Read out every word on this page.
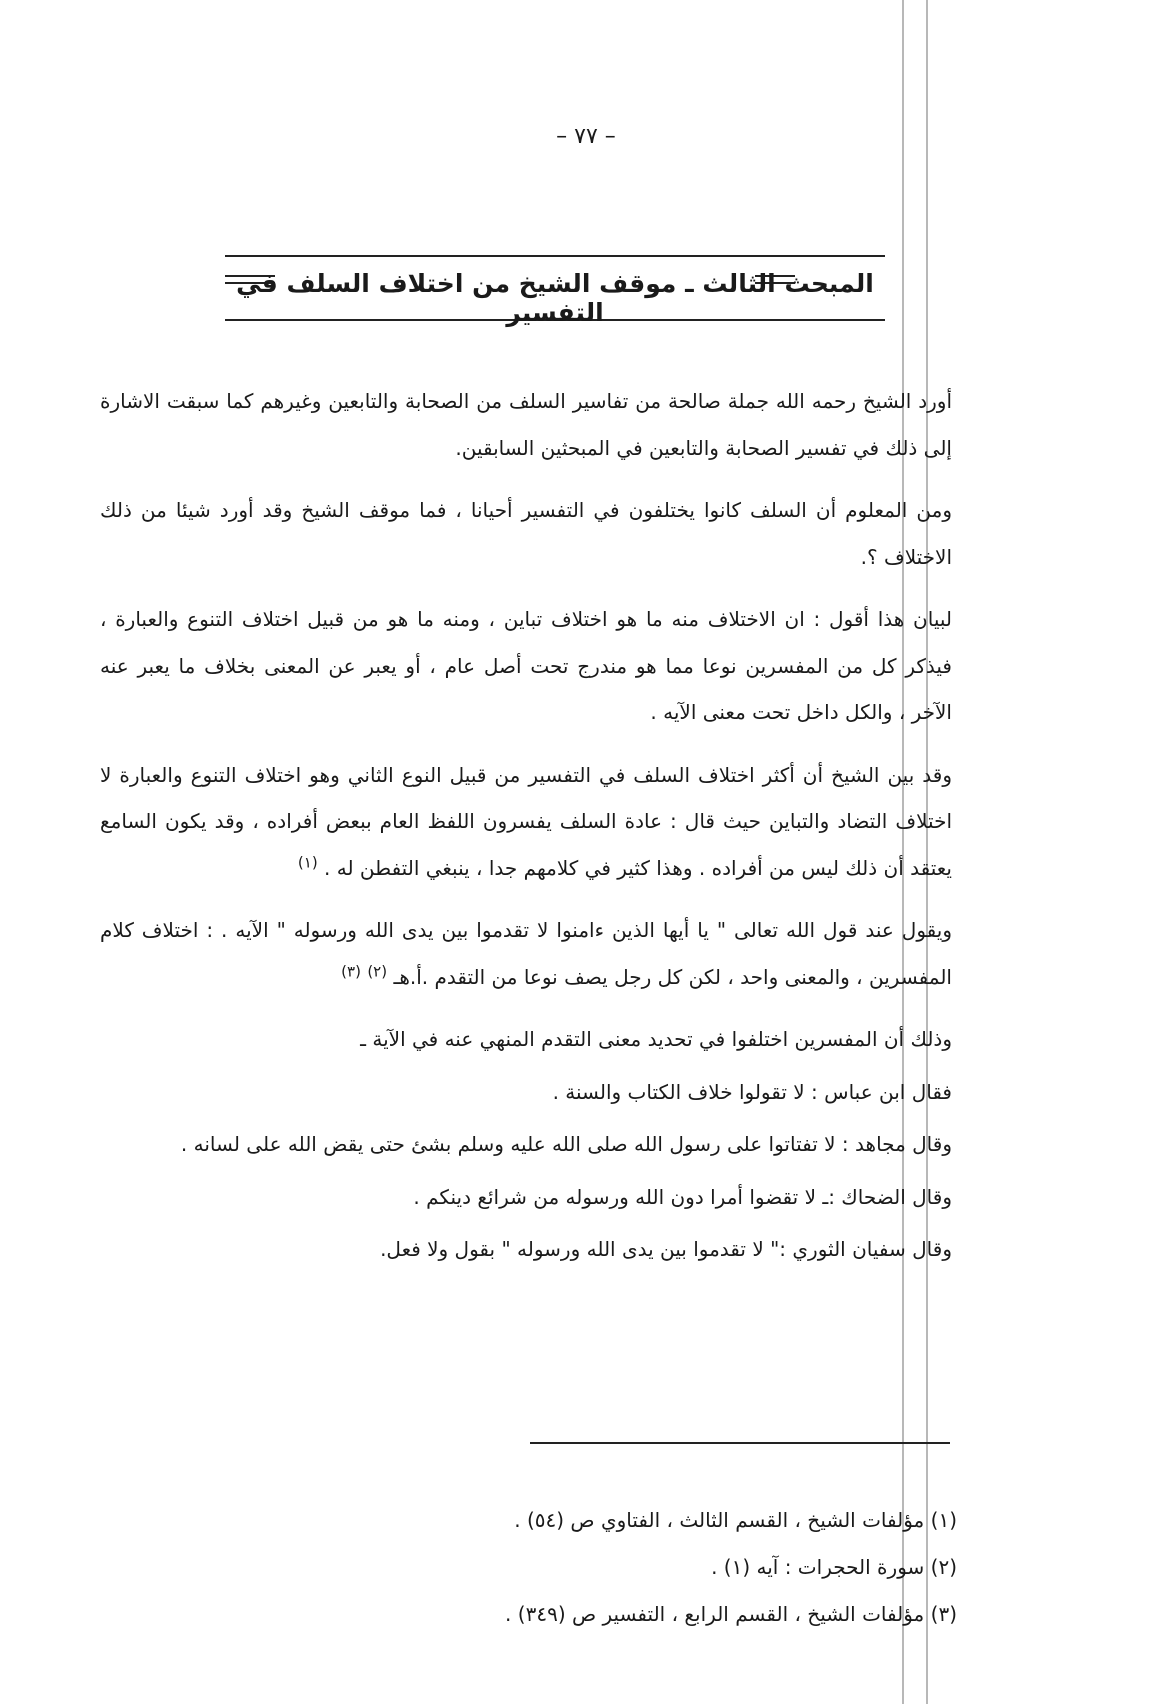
– ٧٧ –
المبحث الثالث ـ موقف الشيخ من اختلاف السلف في التفسير

أورد الشيخ رحمه الله جملة صالحة من تفاسير السلف من الصحابة والتابعين وغيرهم كما سبقت الاشارة إلى ذلك في تفسير الصحابة والتابعين في المبحثين السابقين.

ومن المعلوم أن السلف كانوا يختلفون في التفسير أحيانا ، فما موقف الشيخ وقد أورد شيئا من ذلك الاختلاف ؟.

لبيان هذا أقول : ان الاختلاف منه ما هو اختلاف تباين ، ومنه ما هو من قبيل اختلاف التنوع والعبارة ، فيذكر كل من المفسرين نوعا مما هو مندرج تحت أصل عام ، أو يعبر عن المعنى بخلاف ما يعبر عنه الآخر ، والكل داخل تحت معنى الآيه .

وقد بين الشيخ أن أكثر اختلاف السلف في التفسير من قبيل النوع الثاني وهو اختلاف التنوع والعبارة لا اختلاف التضاد والتباين حيث قال : عادة السلف يفسرون اللفظ العام ببعض أفراده ، وقد يكون السامع يعتقد أن ذلك ليس من أفراده . وهذا كثير في كلامهم جدا ، ينبغي التفطن له . $^{(١)}$

ويقول عند قول الله تعالى " يا أيها الذين ءامنوا لا تقدموا بين يدى الله ورسوله " الآيه . : اختلاف كلام المفسرين ، والمعنى واحد ، لكن كل رجل يصف نوعا من التقدم .أ.هـ $^{(٢)}$ $^{(٣)}$

وذلك أن المفسرين اختلفوا في تحديد معنى التقدم المنهي عنه في الآية ـ

فقال ابن عباس : لا تقولوا خلاف الكتاب والسنة .

وقال مجاهد : لا تفتاتوا على رسول الله صلى الله عليه وسلم بشئ حتى يقض الله على لسانه .

وقال الضحاك :ـ لا تقضوا أمرا دون الله ورسوله من شرائع دينكم .

وقال سفيان الثوري :" لا تقدموا بين يدى الله ورسوله " بقول ولا فعل.

(١) مؤلفات الشيخ ، القسم الثالث ، الفتاوي ص (٥٤) .
(٢) سورة الحجرات : آيه (١) .
(٣) مؤلفات الشيخ ، القسم الرابع ، التفسير ص (٣٤٩) .
